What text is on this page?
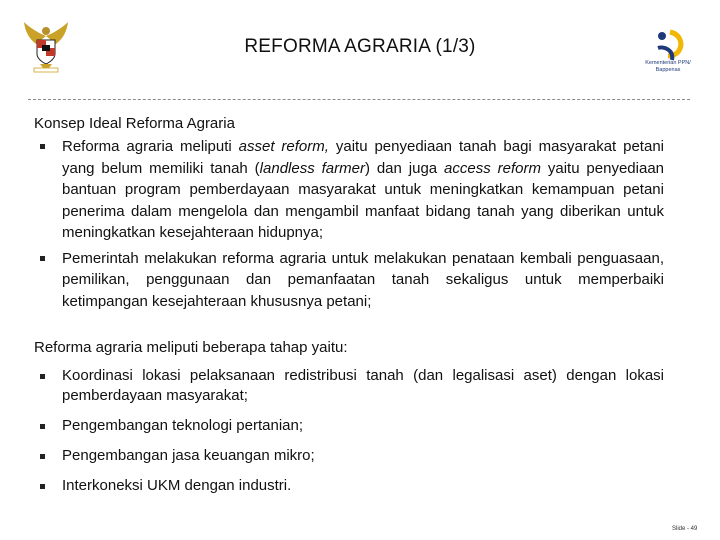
REFORMA AGRARIA (1/3)
Kementerian PPN/
Bappenas
Konsep Ideal Reforma Agraria
Reforma agraria meliputi asset reform, yaitu penyediaan tanah bagi masyarakat petani yang belum memiliki tanah (landless farmer) dan juga access reform yaitu penyediaan bantuan program pemberdayaan masyarakat untuk meningkatkan kemampuan petani penerima dalam mengelola dan mengambil manfaat bidang tanah yang diberikan untuk meningkatkan kesejahteraan hidupnya;
Pemerintah melakukan reforma agraria untuk melakukan penataan kembali penguasaan, pemilikan, penggunaan dan pemanfaatan tanah sekaligus untuk memperbaiki ketimpangan kesejahteraan khususnya petani;
Reforma agraria meliputi beberapa tahap yaitu:
Koordinasi lokasi pelaksanaan redistribusi tanah (dan legalisasi aset) dengan lokasi pemberdayaan masyarakat;
Pengembangan teknologi pertanian;
Pengembangan jasa keuangan mikro;
Interkoneksi UKM dengan industri.
Slide - 49
